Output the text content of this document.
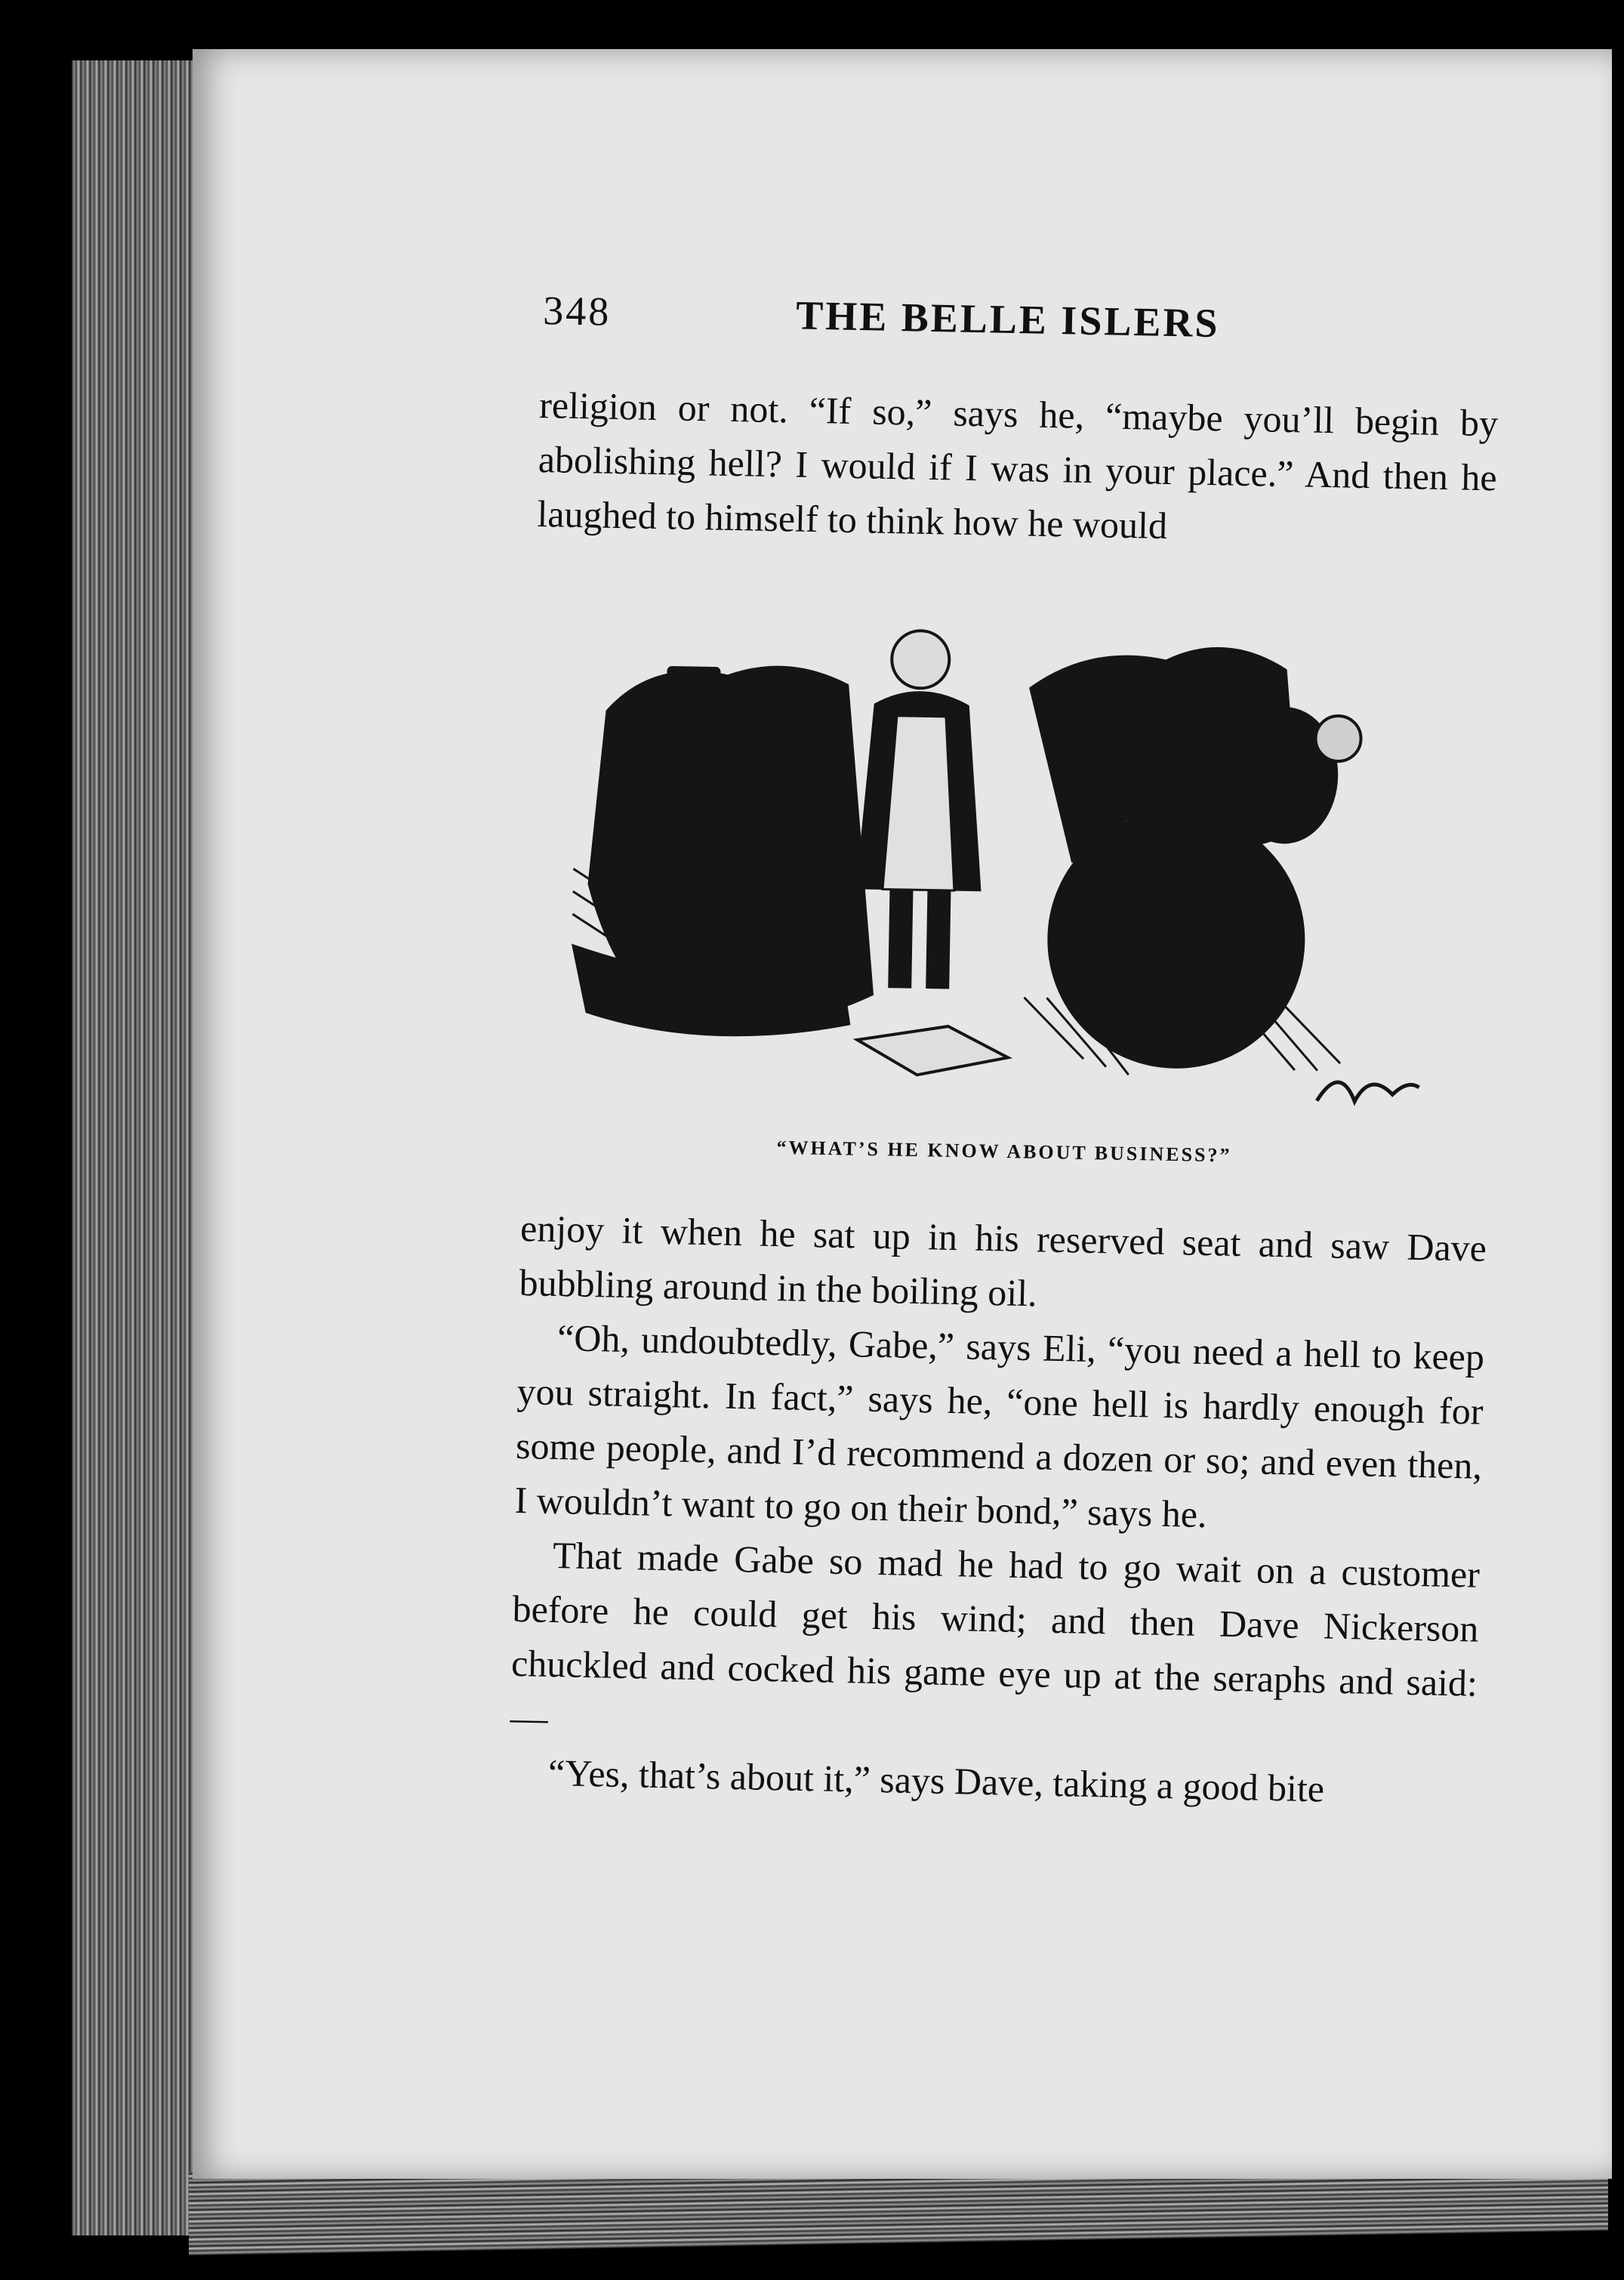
348	THE BELLE ISLERS

religion or not. “If so,” says he, “maybe you’ll begin by abolishing hell? I would if I was in your place.” And then he laughed to himself to think how he would

“WHAT’S HE KNOW ABOUT BUSINESS?”

enjoy it when he sat up in his reserved seat and saw Dave bubbling around in the boiling oil.

“Oh, undoubtedly, Gabe,” says Eli, “you need a hell to keep you straight. In fact,” says he, “one hell is hardly enough for some people, and I’d recommend a dozen or so; and even then, I wouldn’t want to go on their bond,” says he.

That made Gabe so mad he had to go wait on a customer before he could get his wind; and then Dave Nickerson chuckled and cocked his game eye up at the seraphs and said:—

“Yes, that’s about it,” says Dave, taking a good bite
